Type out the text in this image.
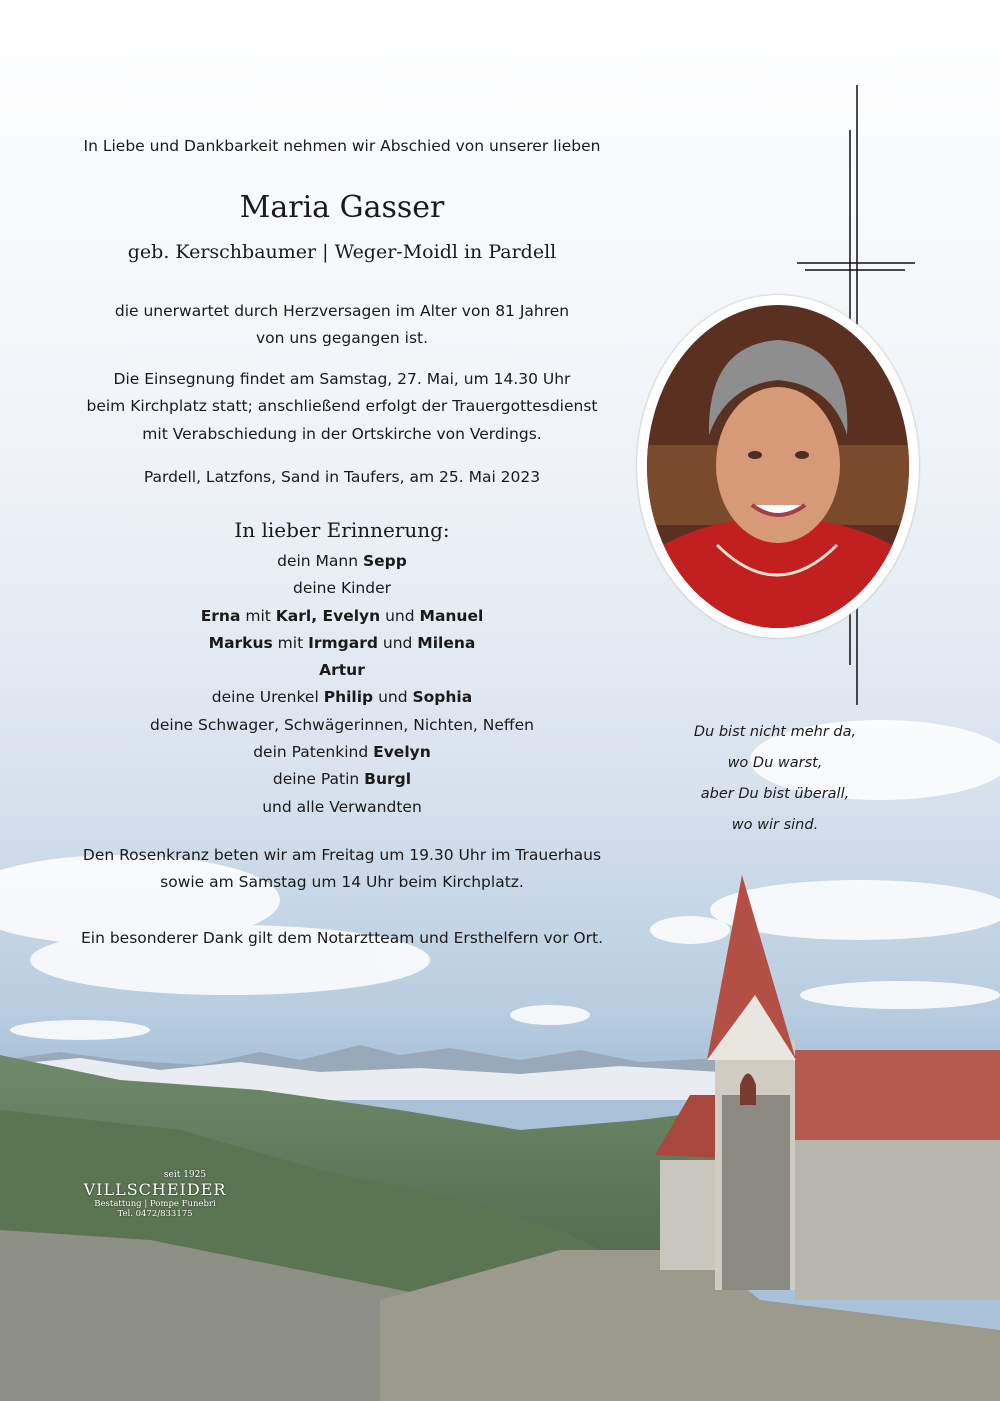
In Liebe und Dankbarkeit nehmen wir Abschied von unserer lieben
Maria Gasser
geb. Kerschbaumer | Weger-Moidl in Pardell
die unerwartet durch Herzversagen im Alter von 81 Jahren
von uns gegangen ist.
Die Einsegnung findet am Samstag, 27. Mai, um 14.30 Uhr
beim Kirchplatz statt; anschließend erfolgt der Trauergottesdienst
mit Verabschiedung in der Ortskirche von Verdings.
Pardell, Latzfons, Sand in Taufers, am 25. Mai 2023
In lieber Erinnerung:
dein Mann Sepp
deine Kinder
Erna mit Karl, Evelyn und Manuel
Markus mit Irmgard und Milena
Artur
deine Urenkel Philip und Sophia
deine Schwager, Schwägerinnen, Nichten, Neffen
dein Patenkind Evelyn
deine Patin Burgl
und alle Verwandten
Den Rosenkranz beten wir am Freitag um 19.30 Uhr im Trauerhaus
sowie am Samstag um 14 Uhr beim Kirchplatz.
Ein besonderer Dank gilt dem Notarztteam und Ersthelfern vor Ort.
Du bist nicht mehr da,
wo Du warst,
aber Du bist überall,
wo wir sind.
seit 1925
VILLSCHEIDER
Bestattung | Pompe Funebri
Tel. 0472/833175
